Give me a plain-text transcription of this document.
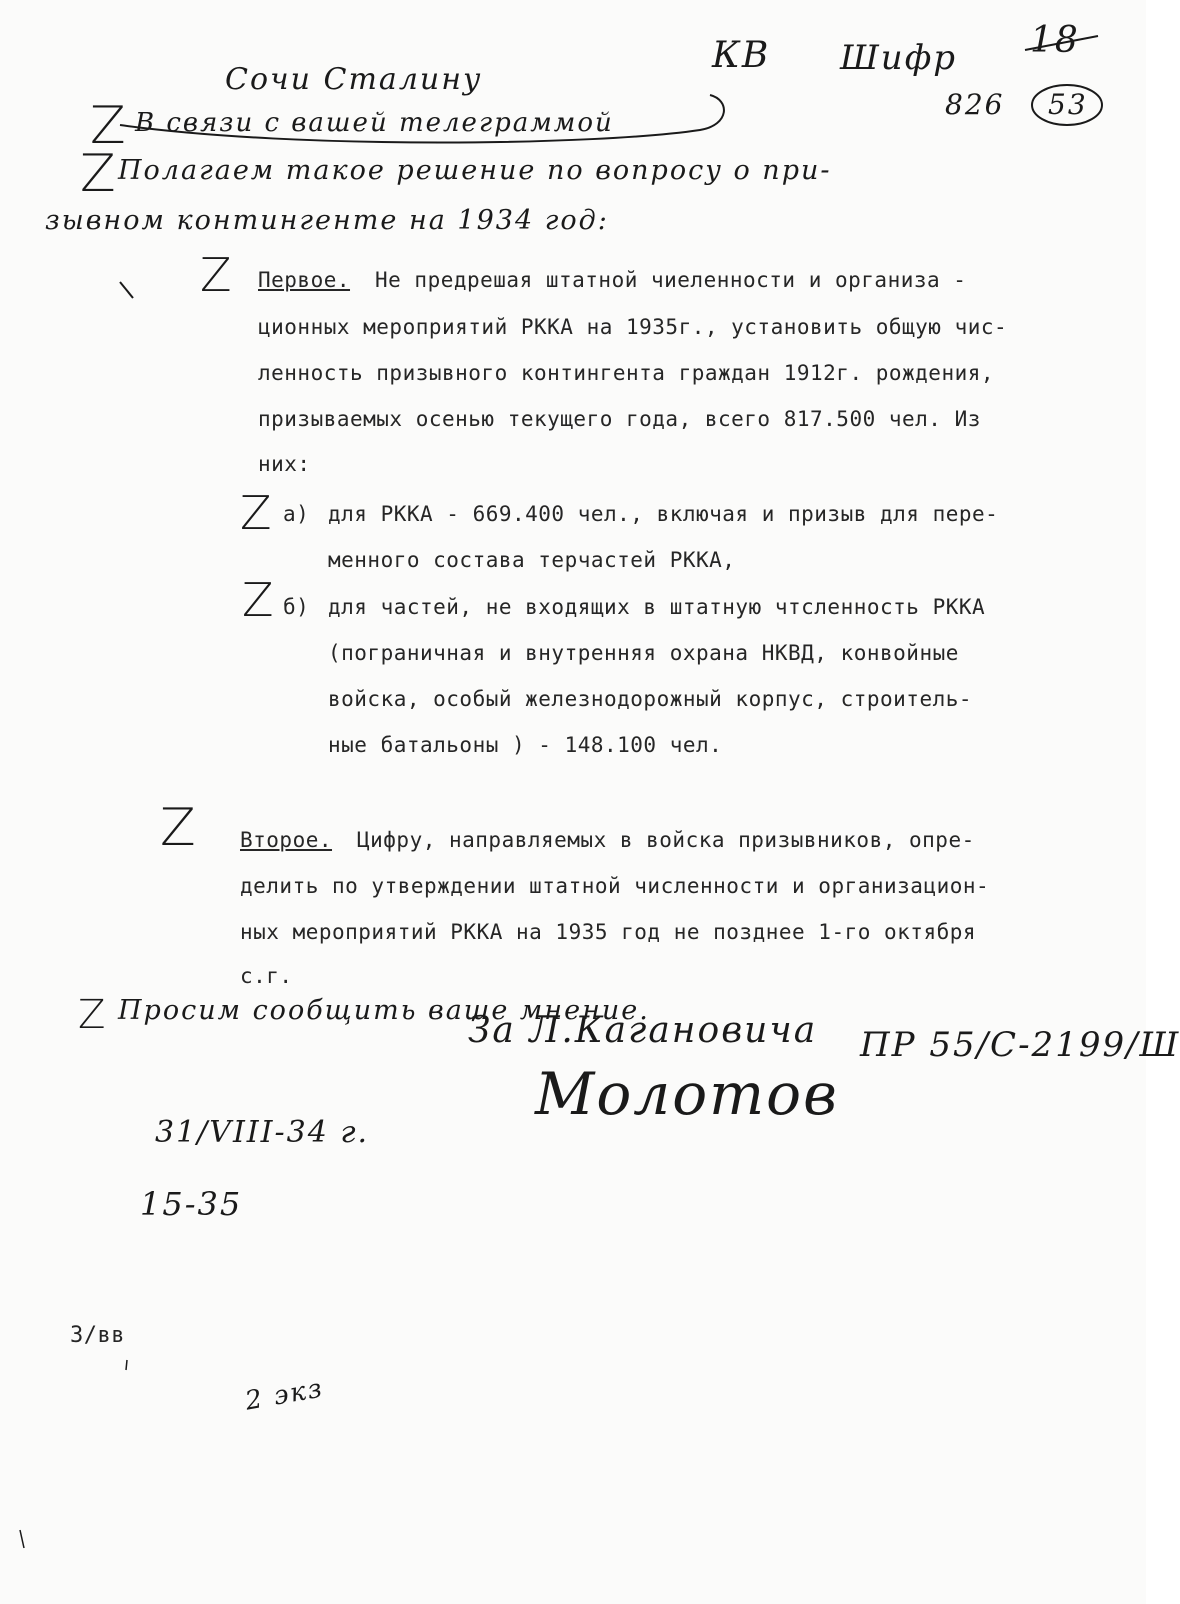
Сочи Сталину
Z В связи с вашей телеграммой
Z Полагаем такое решение по вопросу о при-
зывном контингенте на 1934 год:
КВ Шифр
826
18
53
Z Первое. Не предрешая штатной чиеленности и организа -
ционных мероприятий РККА на 1935г., установить общую чис-
ленность призывного контингента граждан 1912г. рождения,
призываемых осенью текущего года, всего 817.500 чел. Из
них:
Z а) для РККА - 669.400 чел., включая и призыв для пере-
менного состава терчастей РККА,
Z б) для частей, не входящих в штатную чтсленность РККА
(пограничная и внутренняя охрана НКВД, конвойные
войска, особый железнодорожный корпус, строитель-
ные батальоны ) - 148.100 чел.
Z Второе. Цифру, направляемых в войска призывников, опре-
делить по утверждении штатной численности и организацион-
ных мероприятий РККА на 1935 год не позднее 1-го октября
с.г.
Z Просим сообщить ваше мнение.
За Л.Кагановича
Молотов
ПР 55/С-2199/Ш
31/VIII-34 г.
15-35
3/вв
2 экз
